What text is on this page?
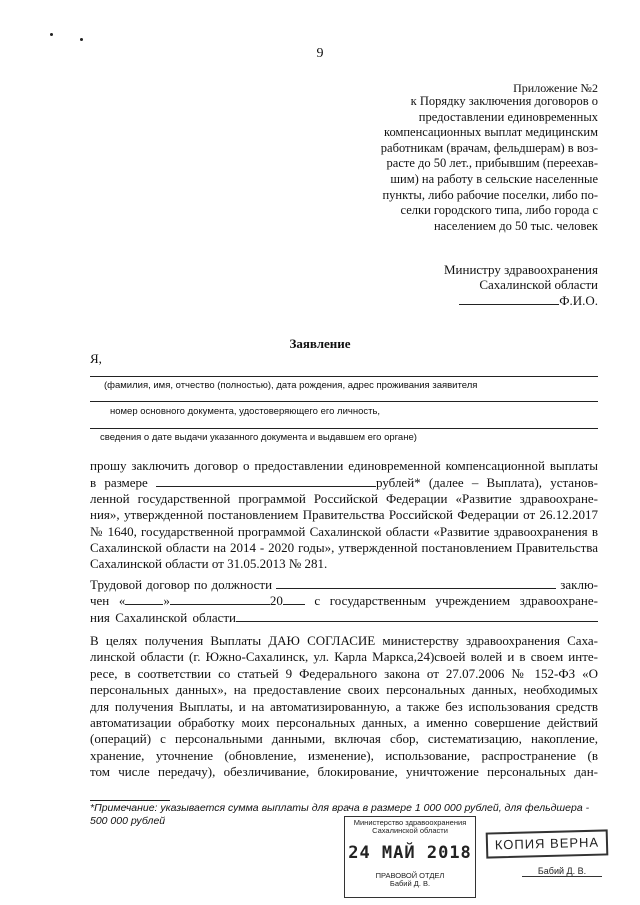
9
Приложение №2
к Порядку заключения договоров о
предоставлении единовременных
компенсационных выплат медицинским
работникам (врачам, фельдшерам) в воз-
расте до 50 лет., прибывшим (переехав-
шим) на работу в сельские населенные
пункты, либо рабочие поселки, либо по-
селки городского типа, либо города с
населением до 50 тыс. человек
Министру здравоохранения
Сахалинской области
Ф.И.О.
Заявление
Я,
(фамилия, имя, отчество (полностью), дата рождения, адрес проживания заявителя
номер основного документа, удостоверяющего его личность,
сведения о дате выдачи указанного документа и выдавшем его органе)
прошу заключить договор о предоставлении единовременной компенсационной выплаты
в размере	рублей* (далее – Выплата), установ-
ленной государственной программой Российской Федерации «Развитие здравоохране-
ния», утвержденной постановлением Правительства Российской Федерации от 26.12.2017
№ 1640, государственной программой Сахалинской области «Развитие здравоохранения в
Сахалинской области на 2014 - 2020 годы», утвержденной постановлением Правительства
Сахалинской области от 31.05.2013 № 281.
Трудовой договор по должности	заклю-
чен «	»	20 с государственным учреждением здравоохране-
ния Сахалинской области
В целях получения Выплаты ДАЮ СОГЛАСИЕ министерству здравоохранения Саха-
линской области (г. Южно-Сахалинск, ул. Карла Маркса,24)своей волей и в своем инте-
ресе, в соответствии со статьей 9 Федерального закона от 27.07.2006 № 152-ФЗ «О
персональных данных», на предоставление своих персональных данных, необходимых
для получения Выплаты, и на автоматизированную, а также без использования средств
автоматизации обработку моих персональных данных, а именно совершение действий
(операций) с персональными данными, включая сбор, систематизацию, накопление,
хранение, уточнение (обновление, изменение), использование, распространение (в
том числе передачу), обезличивание, блокирование, уничтожение персональных дан-
*Примечание: указывается сумма выплаты для врача в размере 1 000 000 рублей, для фельдшера - 500 000 рублей	Министерство здравоохранения
Сахалинской области
24 МАЙ 2018
ПРАВОВОЙ ОТДЕЛ
Бабий Д. В.
КОПИЯ ВЕРНА
Бабий Д. В.
